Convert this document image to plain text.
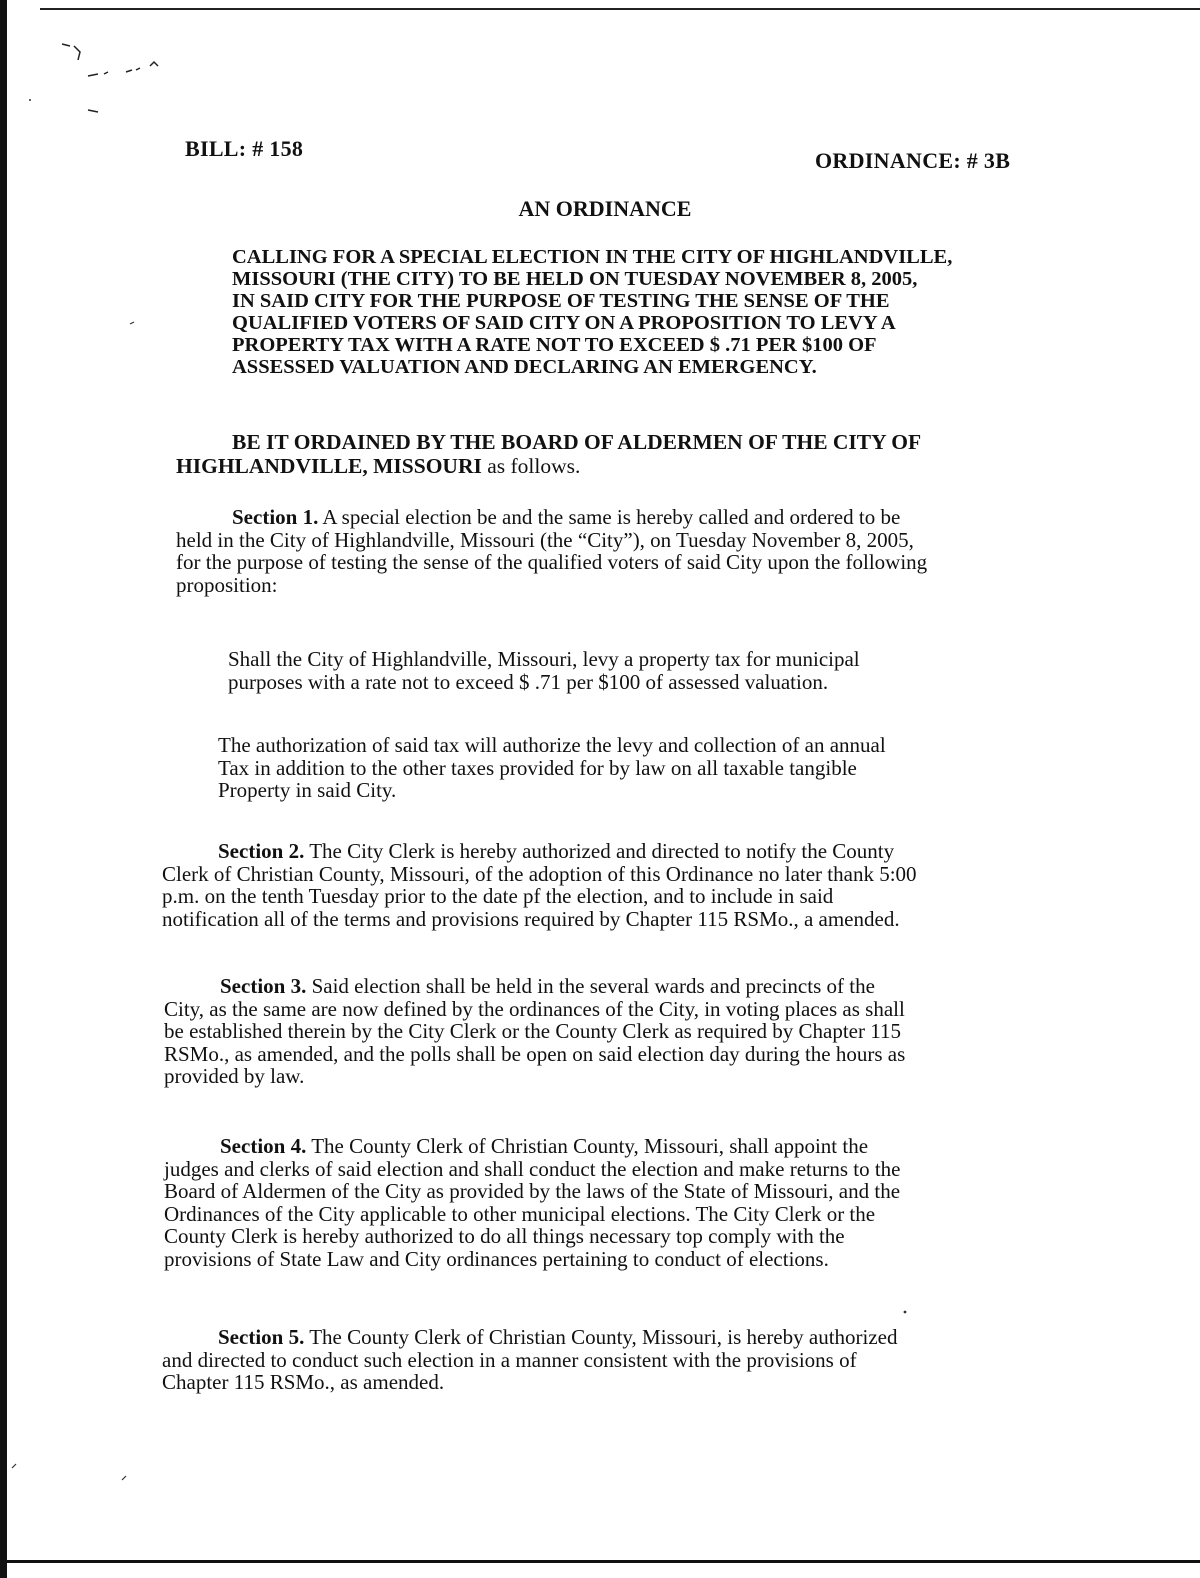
BILL: # 158	ORDINANCE: # 3B
AN ORDINANCE
CALLING FOR A SPECIAL ELECTION IN THE CITY OF HIGHLANDVILLE,
MISSOURI (THE CITY) TO BE HELD ON TUESDAY NOVEMBER 8, 2005,
IN SAID CITY FOR THE PURPOSE OF TESTING THE SENSE OF THE
QUALIFIED VOTERS OF SAID CITY ON A PROPOSITION TO LEVY A
PROPERTY TAX WITH A RATE NOT TO EXCEED $ .71 PER $100 OF
ASSESSED VALUATION AND DECLARING AN EMERGENCY.
BE IT ORDAINED BY THE BOARD OF ALDERMEN OF THE CITY OF
HIGHLANDVILLE, MISSOURI as follows.
Section 1. A special election be and the same is hereby called and ordered to be
held in the City of Highlandville, Missouri (the “City”), on Tuesday November 8, 2005,
for the purpose of testing the sense of the qualified voters of said City upon the following
proposition:
Shall the City of Highlandville, Missouri, levy a property tax for municipal
purposes with a rate not to exceed $ .71 per $100 of assessed valuation.
The authorization of said tax will authorize the levy and collection of an annual
Tax in addition to the other taxes provided for by law on all taxable tangible
Property in said City.
Section 2. The City Clerk is hereby authorized and directed to notify the County
Clerk of Christian County, Missouri, of the adoption of this Ordinance no later thank 5:00
p.m. on the tenth Tuesday prior to the date pf the election, and to include in said
notification all of the terms and provisions required by Chapter 115 RSMo., a amended.
Section 3. Said election shall be held in the several wards and precincts of the
City, as the same are now defined by the ordinances of the City, in voting places as shall
be established therein by the City Clerk or the County Clerk as required by Chapter 115
RSMo., as amended, and the polls shall be open on said election day during the hours as
provided by law.
Section 4. The County Clerk of Christian County, Missouri, shall appoint the
judges and clerks of said election and shall conduct the election and make returns to the
Board of Aldermen of the City as provided by the laws of the State of Missouri, and the
Ordinances of the City applicable to other municipal elections. The City Clerk or the
County Clerk is hereby authorized to do all things necessary top comply with the
provisions of State Law and City ordinances pertaining to conduct of elections.
Section 5. The County Clerk of Christian County, Missouri, is hereby authorized
and directed to conduct such election in a manner consistent with the provisions of
Chapter 115 RSMo., as amended.
